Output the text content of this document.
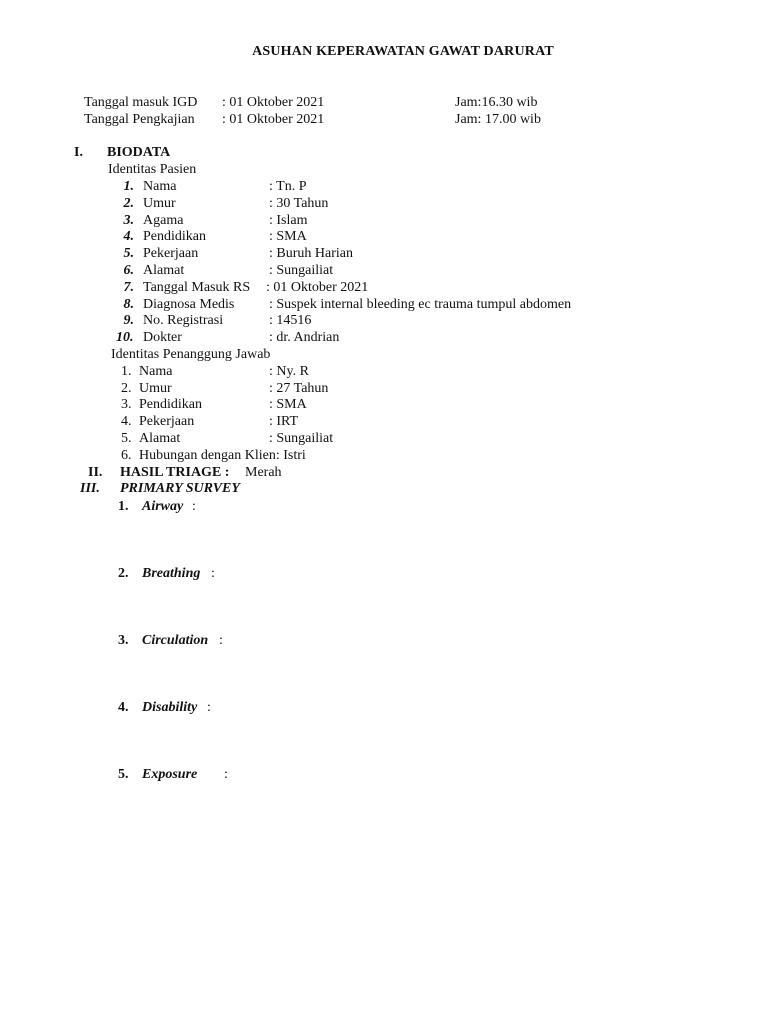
ASUHAN KEPERAWATAN GAWAT DARURAT
Tanggal masuk IGD : 01 Oktober 2021	Jam:16.30 wib
Tanggal Pengkajian : 01 Oktober 2021	Jam: 17.00 wib
I. BIODATA
Identitas Pasien
1. Nama	: Tn. P
2. Umur	: 30 Tahun
3. Agama	: Islam
4. Pendidikan	: SMA
5. Pekerjaan	: Buruh Harian
6. Alamat	: Sungailiat
7. Tanggal Masuk RS : 01 Oktober 2021
8. Diagnosa Medis : Suspek internal bleeding ec trauma tumpul abdomen
9. No. Registrasi	: 14516
10. Dokter	: dr. Andrian
Identitas Penanggung Jawab
1. Nama	: Ny. R
2. Umur	: 27 Tahun
3. Pendidikan	: SMA
4. Pekerjaan	: IRT
5. Alamat	: Sungailiat
6. Hubungan dengan Klien: Istri
II. HASIL TRIAGE : Merah
III. PRIMARY SURVEY
1. Airway :
2. Breathing :
3. Circulation :
4. Disability :
5. Exposure :
